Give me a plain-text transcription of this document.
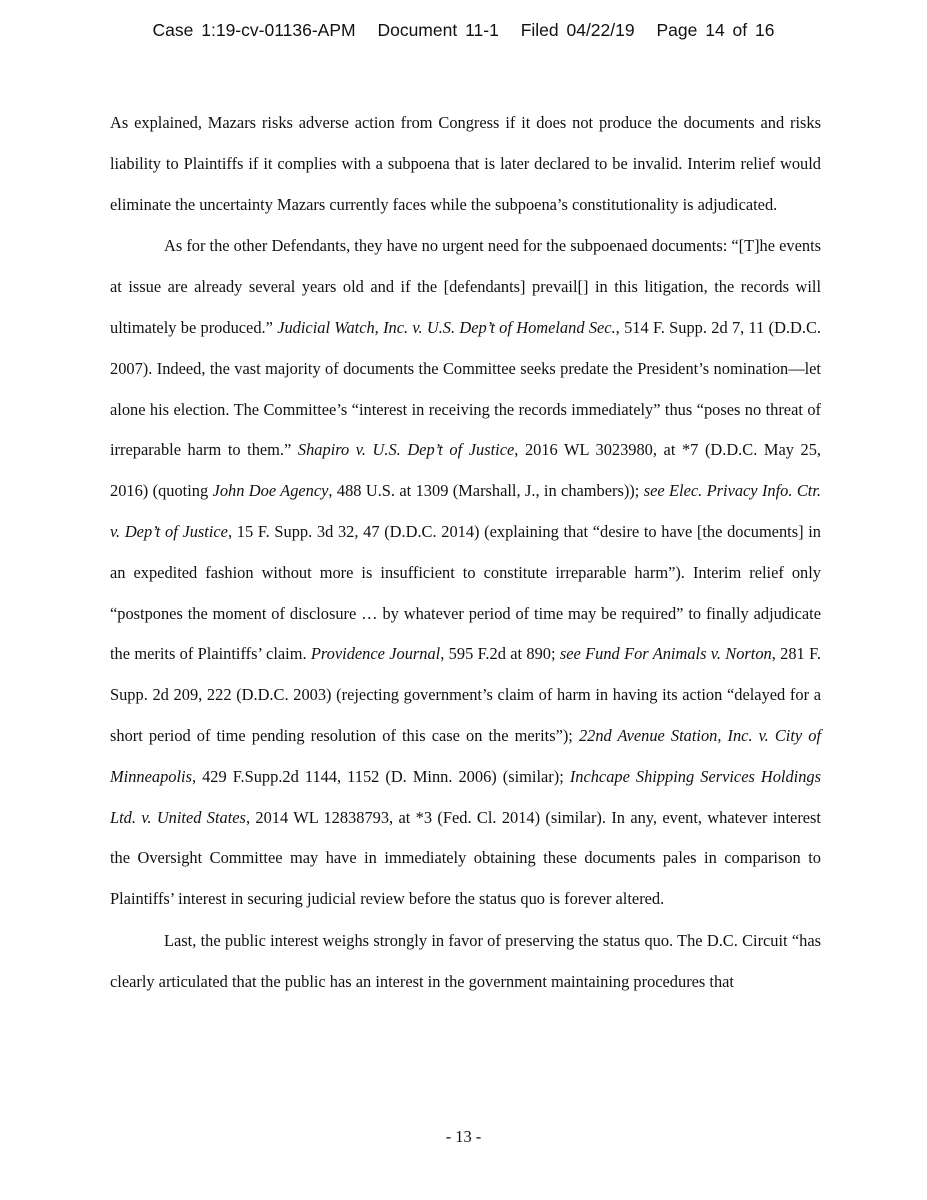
Case 1:19-cv-01136-APM Document 11-1 Filed 04/22/19 Page 14 of 16

As explained, Mazars risks adverse action from Congress if it does not produce the documents and risks liability to Plaintiffs if it complies with a subpoena that is later declared to be invalid. Interim relief would eliminate the uncertainty Mazars currently faces while the subpoena’s constitutionality is adjudicated.

As for the other Defendants, they have no urgent need for the subpoenaed documents: “[T]he events at issue are already several years old and if the [defendants] prevail[] in this litigation, the records will ultimately be produced.” Judicial Watch, Inc. v. U.S. Dep’t of Homeland Sec., 514 F. Supp. 2d 7, 11 (D.D.C. 2007). Indeed, the vast majority of documents the Committee seeks predate the President’s nomination—let alone his election. The Committee’s “interest in receiving the records immediately” thus “poses no threat of irreparable harm to them.” Shapiro v. U.S. Dep’t of Justice, 2016 WL 3023980, at *7 (D.D.C. May 25, 2016) (quoting John Doe Agency, 488 U.S. at 1309 (Marshall, J., in chambers)); see Elec. Privacy Info. Ctr. v. Dep’t of Justice, 15 F. Supp. 3d 32, 47 (D.D.C. 2014) (explaining that “desire to have [the documents] in an expedited fashion without more is insufficient to constitute irreparable harm”). Interim relief only “postpones the moment of disclosure … by whatever period of time may be required” to finally adjudicate the merits of Plaintiffs’ claim. Providence Journal, 595 F.2d at 890; see Fund For Animals v. Norton, 281 F. Supp. 2d 209, 222 (D.D.C. 2003) (rejecting government’s claim of harm in having its action “delayed for a short period of time pending resolution of this case on the merits”); 22nd Avenue Station, Inc. v. City of Minneapolis, 429 F.Supp.2d 1144, 1152 (D. Minn. 2006) (similar); Inchcape Shipping Services Holdings Ltd. v. United States, 2014 WL 12838793, at *3 (Fed. Cl. 2014) (similar). In any, event, whatever interest the Oversight Committee may have in immediately obtaining these documents pales in comparison to Plaintiffs’ interest in securing judicial review before the status quo is forever altered.

Last, the public interest weighs strongly in favor of preserving the status quo. The D.C. Circuit “has clearly articulated that the public has an interest in the government maintaining procedures that

- 13 -
